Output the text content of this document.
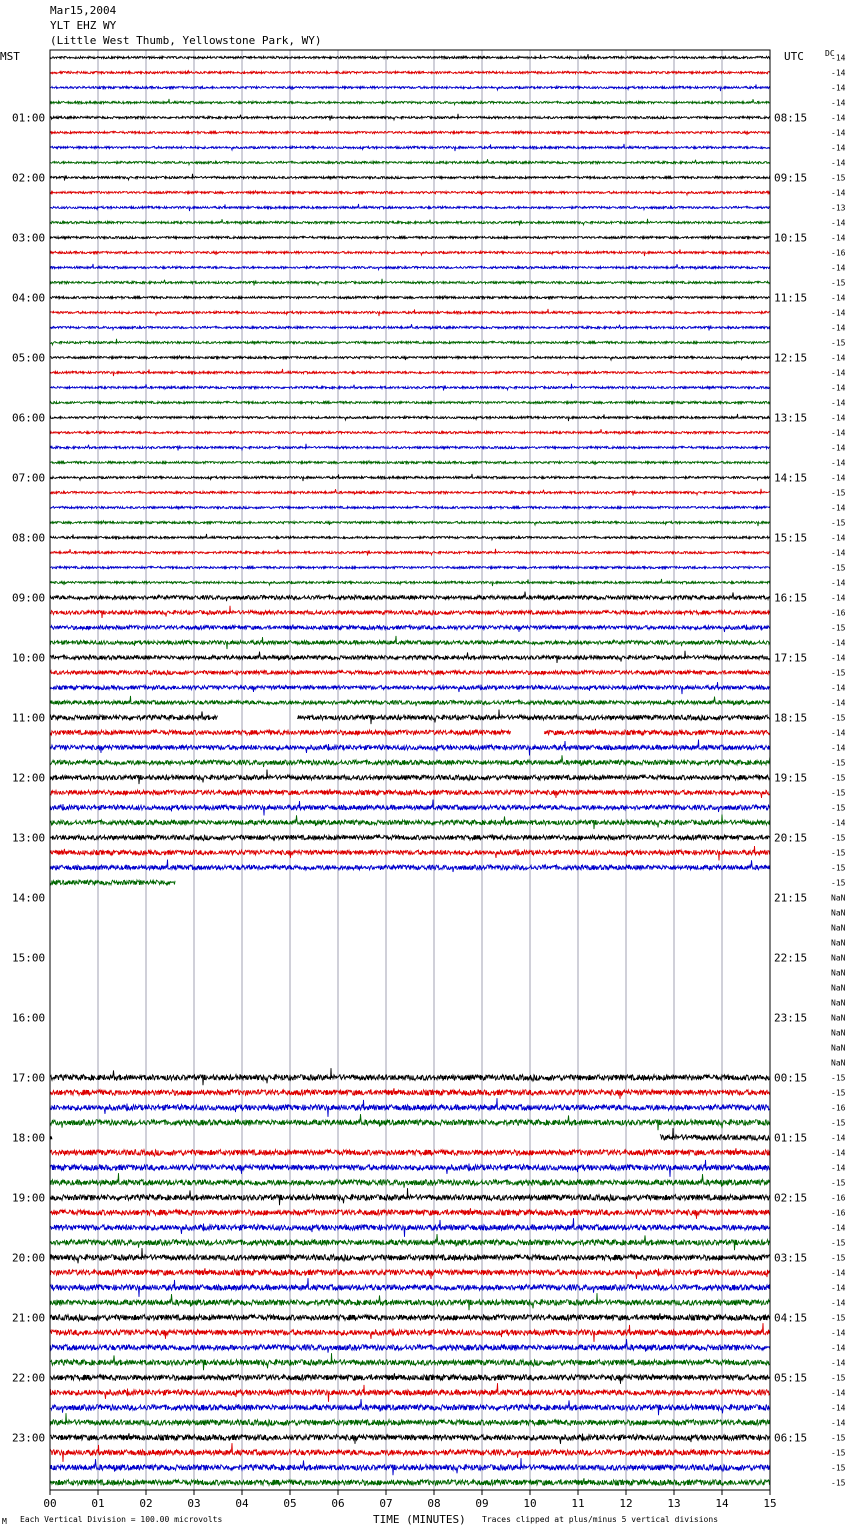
Mar15,2004
YLT EHZ WY
(Little West Thumb, Yellowstone Park, WY)
00	01	02	03	04	05	06	07	08	09	10	11	12	13	14	15
-14
-14
-14
-14
01:00	08:15	-14
-14
-14
-14
02:00	09:15	-15
-14
-13
-14
03:00	10:15	-14
-16
-14
-15
04:00	11:15	-14
-14
-14
-15
05:00	12:15	-14
-14
-14
-14
06:00	13:15	-14
-14
-14
-14
07:00	14:15	-14
-15
-14
-15
08:00	15:15	-14
-14
-15
-14
09:00	16:15	-14
-16
-15
-14
10:00	17:15	-14
-15
-14
-14
11:00	18:15	-15
-14
-14
-15
12:00	19:15	-15
-15
-15
-14
13:00	20:15	-15
-15
-15
-15
14:00	21:15	NaN
NaN
NaN
NaN
15:00	22:15	NaN
NaN
NaN
NaN
16:00	23:15	NaN
NaN
NaN
NaN
17:00	00:15	-15
-15
-16
-15
18:00	01:15	-14
-14
-14
-15
19:00	02:15	-16
-16
-14
-15
20:00	03:15	-15
-14
-14
-14
21:00	04:15	-15
-14
-14
-14
22:00	05:15	-15
-14
-14
-14
23:00	06:15	-15
-15
-15
-15
MST	UTC	DC
M Each Vertical Division = 100.00 microvolts	TIME (MINUTES) Traces clipped at plus/minus 5 vertical divisions
